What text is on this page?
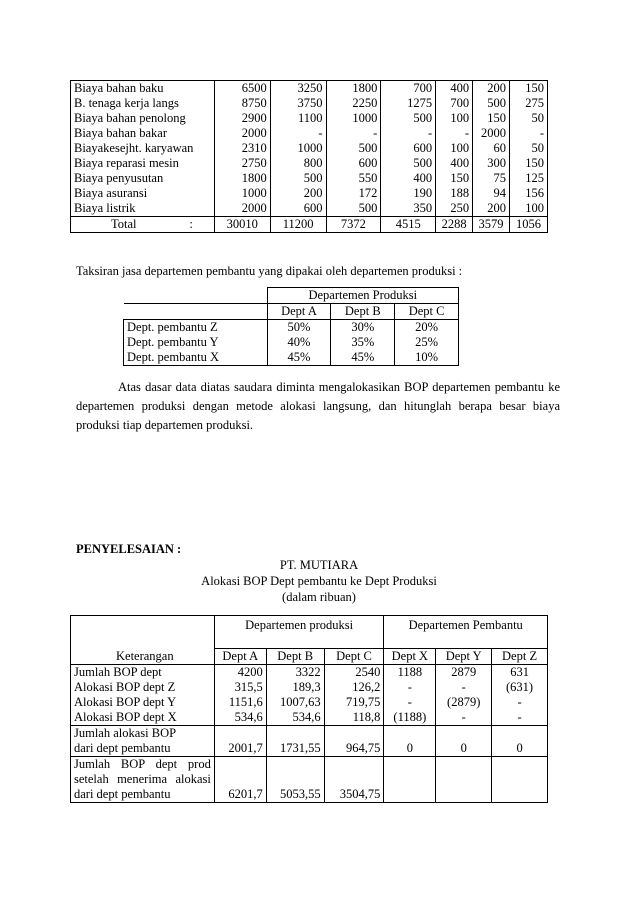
Biaya bahan baku	6500	3250	1800	700	400	200	150
B. tenaga kerja langs	8750	3750	2250	1275	700	500	275
Biaya bahan penolong	2900	1100	1000	500	100	150	50
Biaya bahan bakar	2000	-	-	-	-	2000	-
Biayakesejht. karyawan	2310	1000	500	600	100	60	50
Biaya reparasi mesin	2750	800	600	500	400	300	150
Biaya penyusutan	1800	500	550	400	150	75	125
Biaya asuransi	1000	200	172	190	188	94	156
Biaya listrik	2000	600	500	350	250	200	100
Total :	30010	11200	7372	4515	2288	3579	1056
Taksiran jasa departemen pembantu yang dipakai oleh departemen produksi :
	Departemen Produksi		
	Dept A	Dept B	Dept C
Dept. pembantu Z	50%	30%	20%
Dept. pembantu Y	40%	35%	25%
Dept. pembantu X	45%	45%	10%
Atas dasar data diatas saudara diminta mengalokasikan BOP departemen pembantu ke departemen produksi dengan metode alokasi langsung, dan hitunglah berapa besar biaya produksi tiap departemen produksi.
PENYELESAIAN :
PT. MUTIARA
Alokasi BOP Dept pembantu ke Dept Produksi
(dalam ribuan)
Keterangan	Departemen produksi			Departemen Pembantu		
	Dept A	Dept B	Dept C	Dept X	Dept Y	Dept Z
Jumlah BOP dept	4200	3322	2540	1188	2879	631
Alokasi BOP dept Z	315,5	189,3	126,2	-	-	(631)
Alokasi BOP dept Y	1151,6	1007,63	719,75	-	(2879)	-
Alokasi BOP dept X	534,6	534,6	118,8	(1188)	-	-

Jumlah alokasi BOP
dari dept pembantu	2001,7	1731,55	964,75	0	0	0

Jumlah BOP dept prod
setelah menerima alokasi
dari dept pembantu	6201,7	5053,55	3504,75			
